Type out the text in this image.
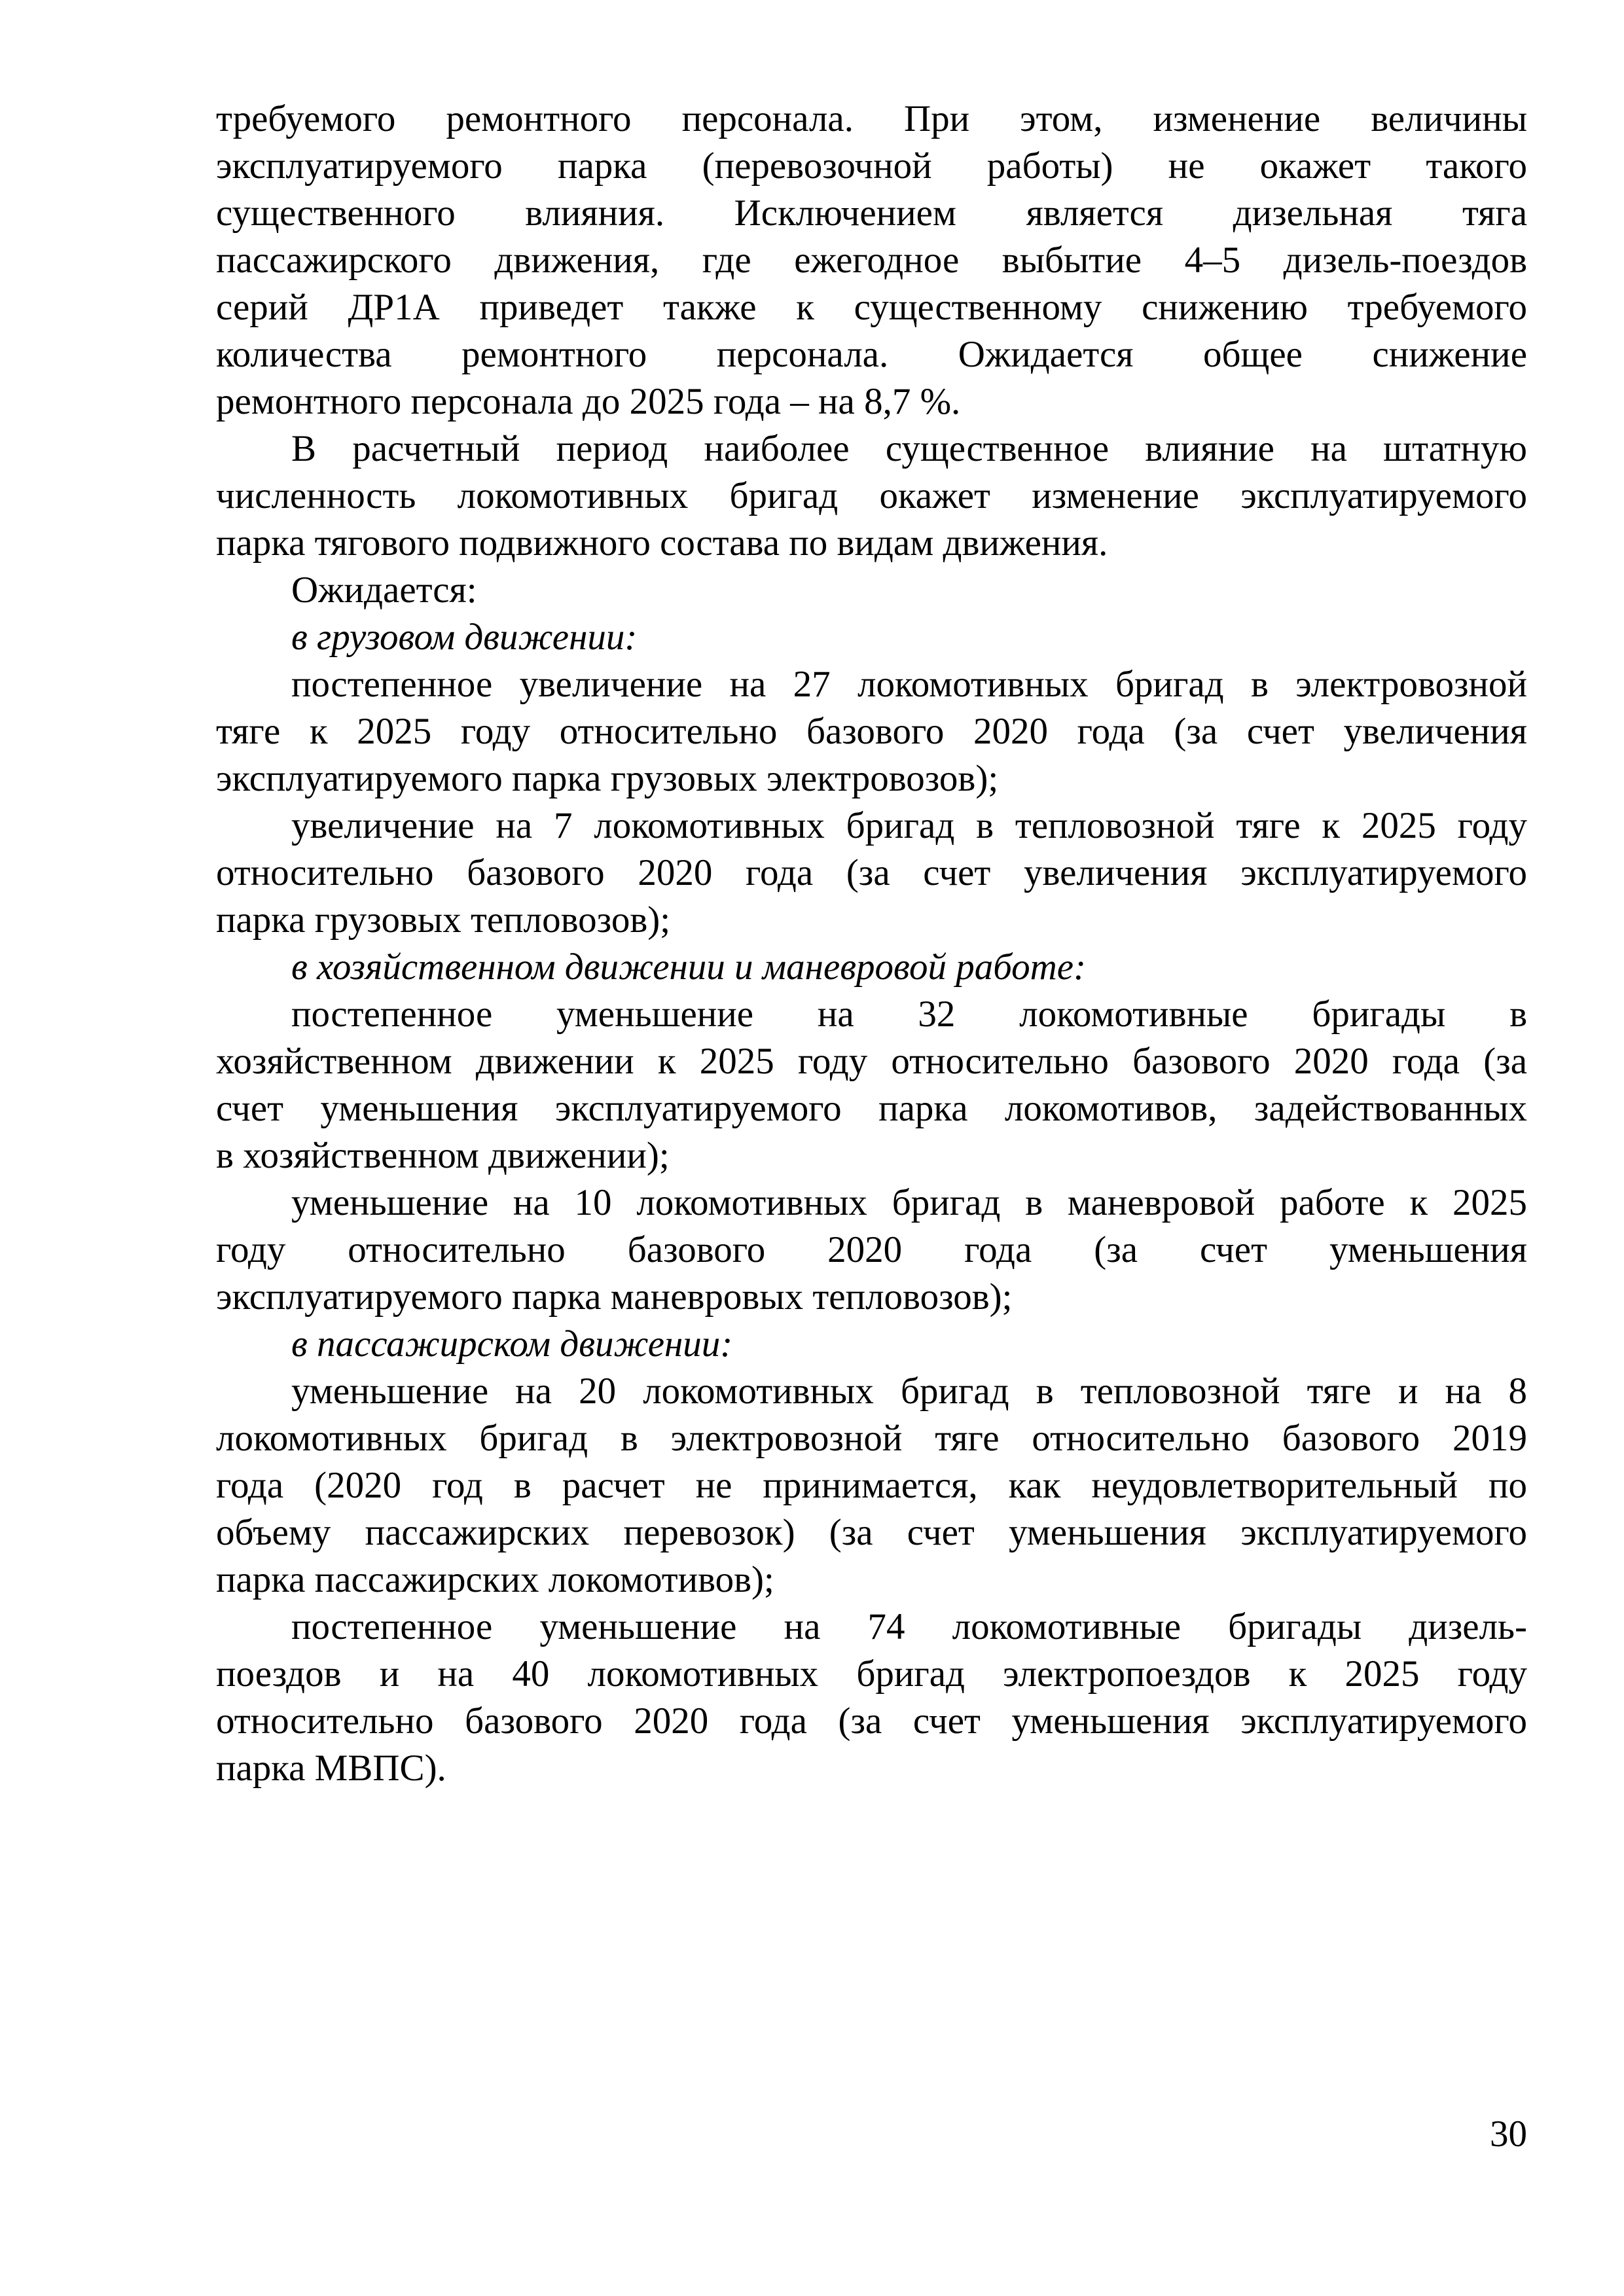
требуемого ремонтного персонала. При этом, изменение величины
эксплуатируемого парка (перевозочной работы) не окажет такого
существенного влияния. Исключением является дизельная тяга
пассажирского движения, где ежегодное выбытие 4–5 дизель-поездов
серий ДР1А приведет также к существенному снижению требуемого
количества ремонтного персонала. Ожидается общее снижение
ремонтного персонала до 2025 года – на 8,7 %.
В расчетный период наиболее существенное влияние на штатную
численность локомотивных бригад окажет изменение эксплуатируемого
парка тягового подвижного состава по видам движения.
Ожидается:
в грузовом движении:
постепенное увеличение на 27 локомотивных бригад в электровозной
тяге к 2025 году относительно базового 2020 года (за счет увеличения
эксплуатируемого парка грузовых электровозов);
увеличение на 7 локомотивных бригад в тепловозной тяге к 2025 году
относительно базового 2020 года (за счет увеличения эксплуатируемого
парка грузовых тепловозов);
в хозяйственном движении и маневровой работе:
постепенное уменьшение на 32 локомотивные бригады в
хозяйственном движении к 2025 году относительно базового 2020 года (за
счет уменьшения эксплуатируемого парка локомотивов, задействованных
в хозяйственном движении);
уменьшение на 10 локомотивных бригад в маневровой работе к 2025
году относительно базового 2020 года (за счет уменьшения
эксплуатируемого парка маневровых тепловозов);
в пассажирском движении:
уменьшение на 20 локомотивных бригад в тепловозной тяге и на 8
локомотивных бригад в электровозной тяге относительно базового 2019
года (2020 год в расчет не принимается, как неудовлетворительный по
объему пассажирских перевозок) (за счет уменьшения эксплуатируемого
парка пассажирских локомотивов);
постепенное уменьшение на 74 локомотивные бригады дизель-
поездов и на 40 локомотивных бригад электропоездов к 2025 году
относительно базового 2020 года (за счет уменьшения эксплуатируемого
парка МВПС).
30
